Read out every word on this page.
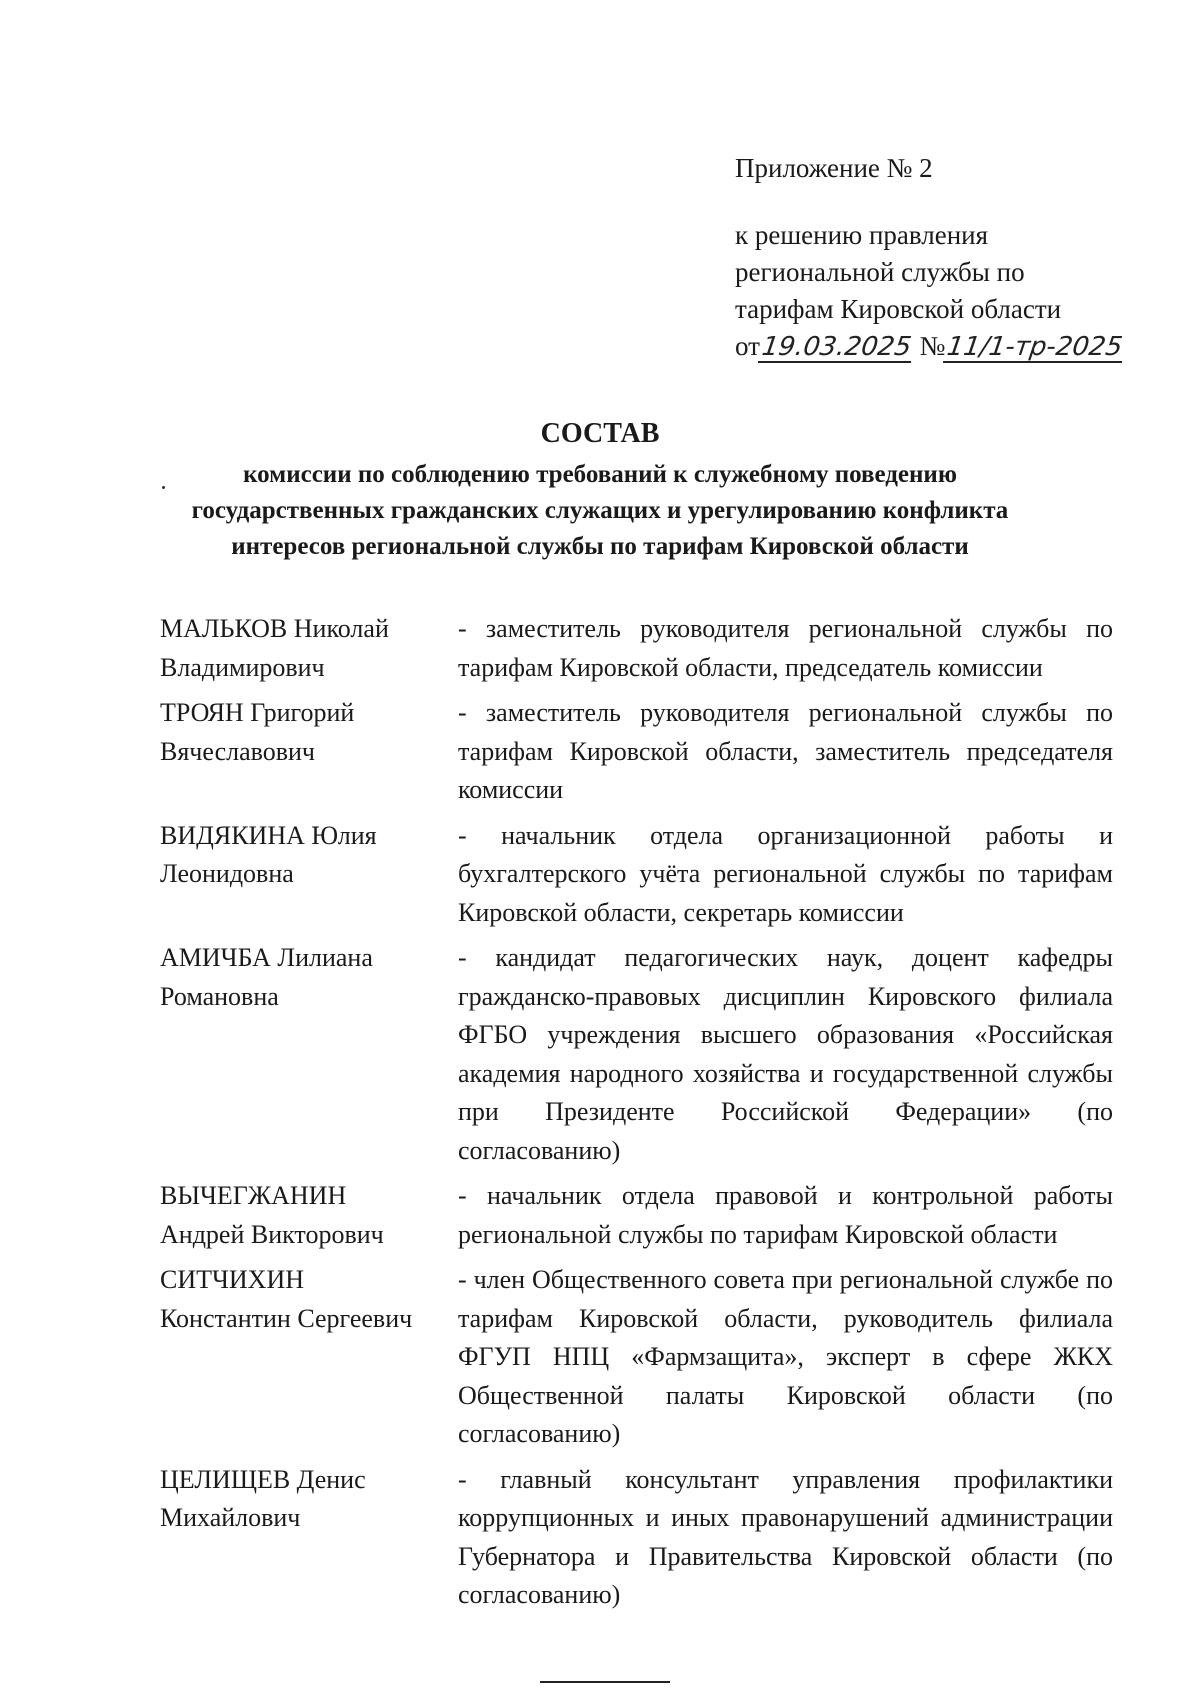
Приложение № 2
к решению правления
региональной службы по
тарифам Кировской области
от19.03.2025 №11/1-тр-2025
СОСТАВ
комиссии по соблюдению требований к служебному поведению государственных гражданских служащих и урегулированию конфликта интересов региональной службы по тарифам Кировской области
МАЛЬКОВ Николай
Владимирович
- заместитель руководителя региональной службы по тарифам Кировской области, председатель комиссии
ТРОЯН Григорий
Вячеславович
- заместитель руководителя региональной службы по тарифам Кировской области, заместитель председателя комиссии
ВИДЯКИНА Юлия
Леонидовна
- начальник отдела организационной работы и бухгалтерского учёта региональной службы по тарифам Кировской области, секретарь комиссии
АМИЧБА Лилиана
Романовна
- кандидат педагогических наук, доцент кафедры гражданско-правовых дисциплин Кировского филиала ФГБО учреждения высшего образования «Российская академия народного хозяйства и государственной службы при Президенте Российской Федерации» (по согласованию)
ВЫЧЕГЖАНИН
Андрей Викторович
- начальник отдела правовой и контрольной работы региональной службы по тарифам Кировской области
СИТЧИХИН
Константин Сергеевич
- член Общественного совета при региональной службе по тарифам Кировской области, руководитель филиала ФГУП НПЦ «Фармзащита», эксперт в сфере ЖКХ Общественной палаты Кировской области (по согласованию)
ЦЕЛИЩЕВ Денис
Михайлович
- главный консультант управления профилактики коррупционных и иных правонарушений администрации Губернатора и Правительства Кировской области (по согласованию)
